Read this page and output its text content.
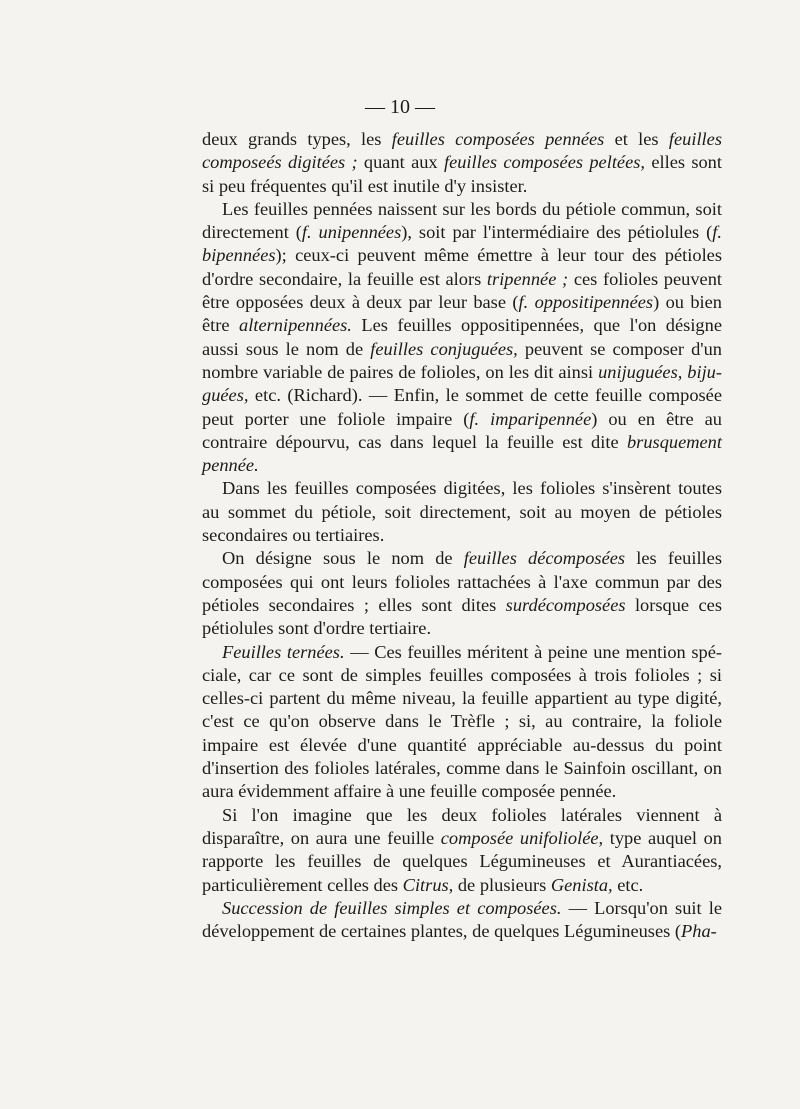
— 10 —

deux grands types, les feuilles composées pennées et les feuilles composeés digitées ; quant aux feuilles composées peltées, elles sont si peu fréquentes qu'il est inutile d'y insister.

Les feuilles pennées naissent sur les bords du pétiole commun, soit directement (f. unipennées), soit par l'intermédiaire des pétiolules (f. bipennées); ceux-ci peuvent même émettre à leur tour des pétioles d'ordre secondaire, la feuille est alors tripennée ; ces folioles peuvent être opposées deux à deux par leur base (f. oppositipennées) ou bien être alternipennées. Les feuilles oppositipennées, que l'on désigne aussi sous le nom de feuilles conjuguées, peuvent se composer d'un nombre variable de paires de folioles, on les dit ainsi unijuguées, bijuguées, etc. (Richard). — Enfin, le sommet de cette feuille composée peut porter une foliole impaire (f. imparipennée) ou en être au contraire dépourvu, cas dans lequel la feuille est dite brusquement pennée.

Dans les feuilles composées digitées, les folioles s'insèrent toutes au sommet du pétiole, soit directement, soit au moyen de pétioles secondaires ou tertiaires.

On désigne sous le nom de feuilles décomposées les feuilles composées qui ont leurs folioles rattachées à l'axe commun par des pétioles secondaires ; elles sont dites surdécomposées lorsque ces pétiolules sont d'ordre tertiaire.

Feuilles ternées. — Ces feuilles méritent à peine une mention spéciale, car ce sont de simples feuilles composées à trois folioles ; si celles-ci partent du même niveau, la feuille appartient au type digité, c'est ce qu'on observe dans le Trèfle ; si, au contraire, la foliole impaire est élevée d'une quantité appréciable au-dessus du point d'insertion des folioles latérales, comme dans le Sainfoin oscillant, on aura évidemment affaire à une feuille composée pennée.

Si l'on imagine que les deux folioles latérales viennent à disparaître, on aura une feuille composée unifoliolée, type auquel on rapporte les feuilles de quelques Légumineuses et Aurantiacées, particulièrement celles des Citrus, de plusieurs Genista, etc.

Succession de feuilles simples et composées. — Lorsqu'on suit le développement de certaines plantes, de quelques Légumineuses (Pha-
